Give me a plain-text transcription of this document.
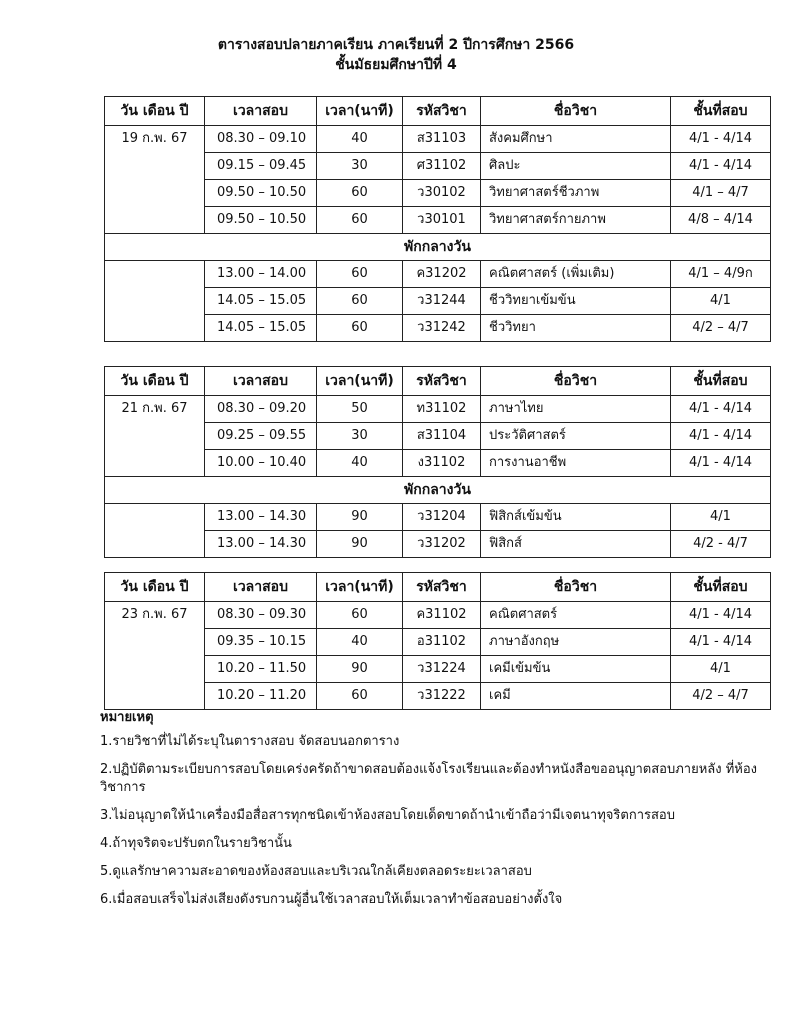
ตารางสอบปลายภาคเรียน ภาคเรียนที่ 2 ปีการศึกษา 2566
ชั้นมัธยมศึกษาปีที่ 4
วัน เดือน ปี	เวลาสอบ	เวลา(นาที)	รหัสวิชา	ชื่อวิชา	ชั้นที่สอบ
19 ก.พ. 67	08.30 – 09.10	40	ส31103	สังคมศึกษา	4/1 - 4/14
	09.15 – 09.45	30	ศ31102	ศิลปะ	4/1 - 4/14
	09.50 – 10.50	60	ว30102	วิทยาศาสตร์ชีวภาพ	4/1 – 4/7
	09.50 – 10.50	60	ว30101	วิทยาศาสตร์กายภาพ	4/8 – 4/14
พักกลางวัน					
	13.00 – 14.00	60	ค31202	คณิตศาสตร์ (เพิ่มเติม)	4/1 – 4/9ก
	14.05 – 15.05	60	ว31244	ชีววิทยาเข้มข้น	4/1
	14.05 – 15.05	60	ว31242	ชีววิทยา	4/2 – 4/7
วัน เดือน ปี	เวลาสอบ	เวลา(นาที)	รหัสวิชา	ชื่อวิชา	ชั้นที่สอบ
21 ก.พ. 67	08.30 – 09.20	50	ท31102	ภาษาไทย	4/1 - 4/14
	09.25 – 09.55	30	ส31104	ประวัติศาสตร์	4/1 - 4/14
	10.00 – 10.40	40	ง31102	การงานอาชีพ	4/1 - 4/14
พักกลางวัน					
	13.00 – 14.30	90	ว31204	ฟิสิกส์เข้มข้น	4/1
	13.00 – 14.30	90	ว31202	ฟิสิกส์	4/2 - 4/7
วัน เดือน ปี	เวลาสอบ	เวลา(นาที)	รหัสวิชา	ชื่อวิชา	ชั้นที่สอบ
23 ก.พ. 67	08.30 – 09.30	60	ค31102	คณิตศาสตร์	4/1 - 4/14
	09.35 – 10.15	40	อ31102	ภาษาอังกฤษ	4/1 - 4/14
	10.20 – 11.50	90	ว31224	เคมีเข้มข้น	4/1
	10.20 – 11.20	60	ว31222	เคมี	4/2 – 4/7
หมายเหตุ
1.รายวิชาที่ไม่ได้ระบุในตารางสอบ จัดสอบนอกตาราง
2.ปฏิบัติตามระเบียบการสอบโดยเคร่งครัดถ้าขาดสอบต้องแจ้งโรงเรียนและต้องทำหนังสือขออนุญาตสอบภายหลัง ที่ห้องวิชาการ
3.ไม่อนุญาตให้นำเครื่องมือสื่อสารทุกชนิดเข้าห้องสอบโดยเด็ดขาดถ้านำเข้าถือว่ามีเจตนาทุจริตการสอบ
4.ถ้าทุจริตจะปรับตกในรายวิชานั้น
5.ดูแลรักษาความสะอาดของห้องสอบและบริเวณใกล้เคียงตลอดระยะเวลาสอบ
6.เมื่อสอบเสร็จไม่ส่งเสียงดังรบกวนผู้อื่นใช้เวลาสอบให้เต็มเวลาทำข้อสอบอย่างตั้งใจ
